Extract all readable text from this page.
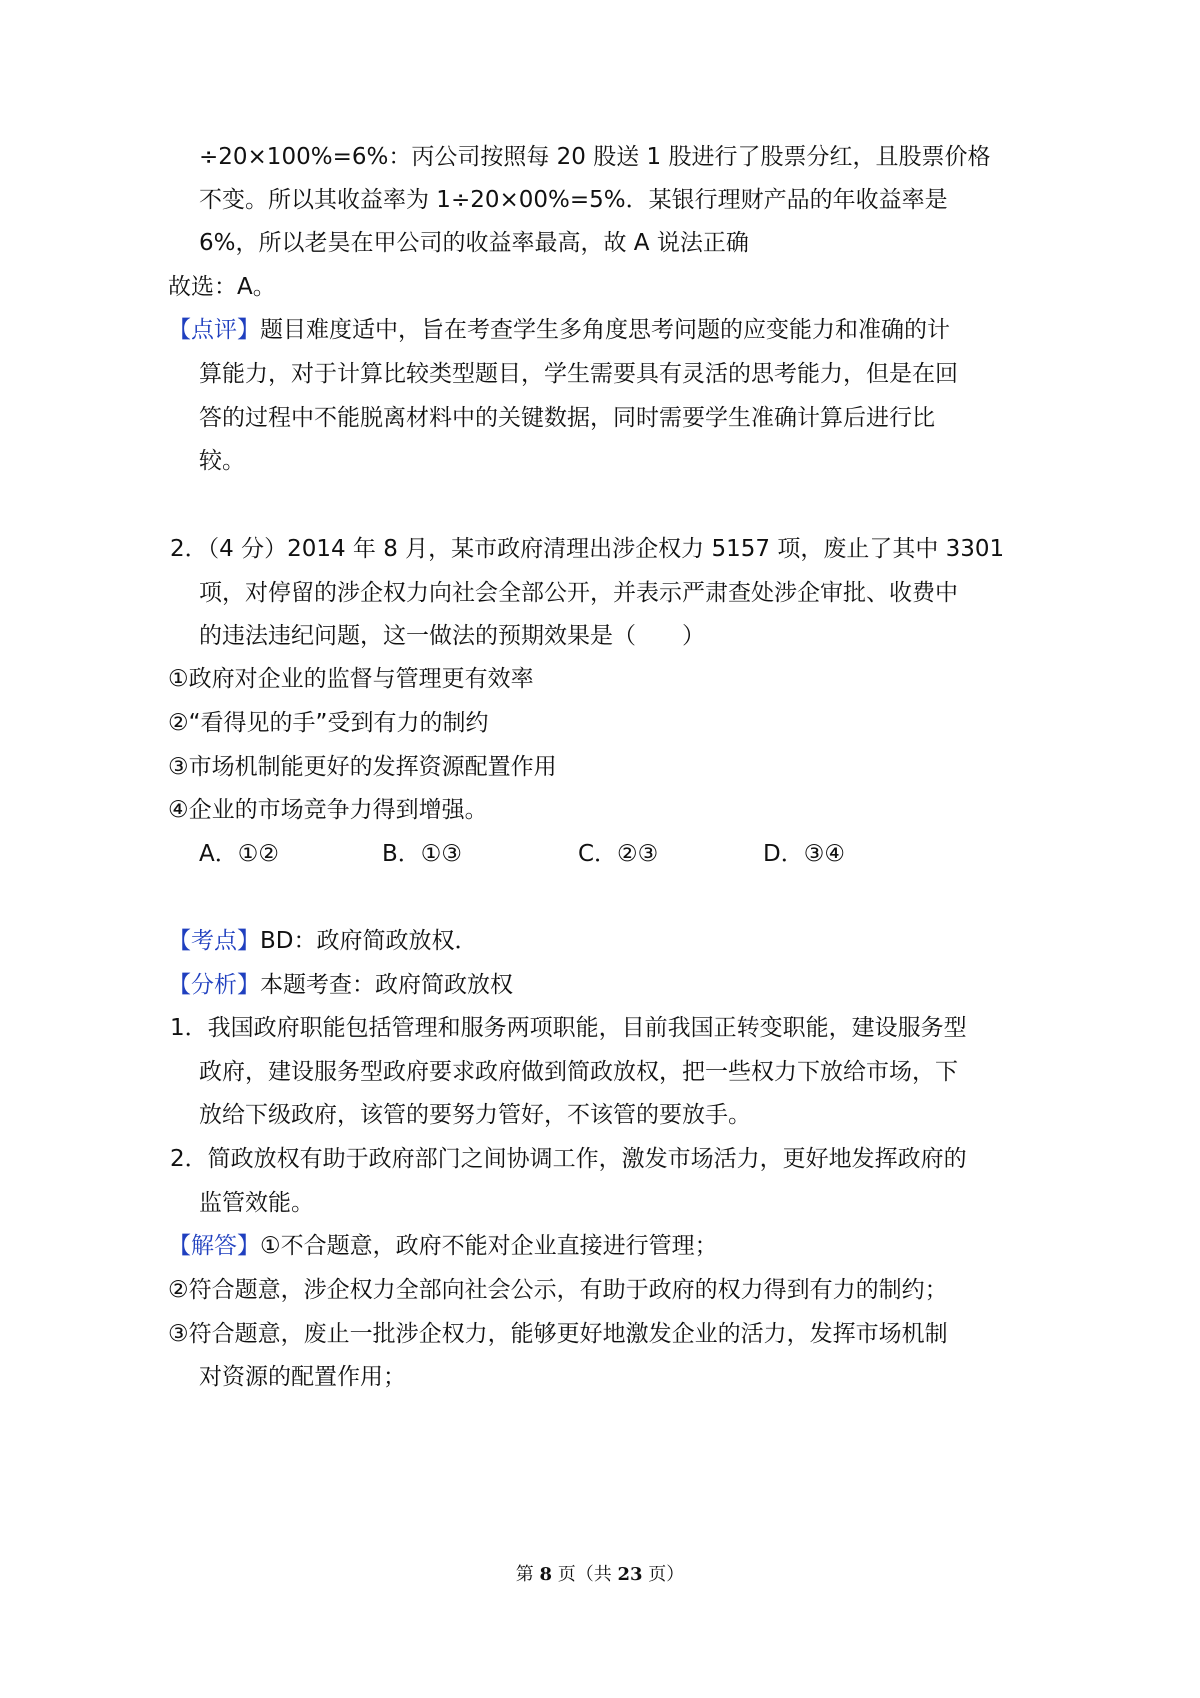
÷20×100%=6%：丙公司按照每 20 股送 1 股进行了股票分红，且股票价格
不变。所以其收益率为 1÷20×00%=5%．某银行理财产品的年收益率是
6%，所以老昊在甲公司的收益率最高，故 A 说法正确
故选：A。
【点评】题目难度适中，旨在考查学生多角度思考问题的应变能力和准确的计
算能力，对于计算比较类型题目，学生需要具有灵活的思考能力，但是在回
答的过程中不能脱离材料中的关键数据，同时需要学生准确计算后进行比
较。
2．（4 分）2014 年 8 月，某市政府清理出涉企权力 5157 项，废止了其中 3301
项，对停留的涉企权力向社会全部公开，并表示严肃查处涉企审批、收费中
的违法违纪问题，这一做法的预期效果是（　　）
①政府对企业的监督与管理更有效率
②“看得见的手”受到有力的制约
③市场机制能更好的发挥资源配置作用
④企业的市场竞争力得到增强。
A．①②	B．①③	C．②③	D．③④
【考点】BD：政府简政放权．
【分析】本题考查：政府简政放权
1．我国政府职能包括管理和服务两项职能，目前我国正转变职能，建设服务型
政府，建设服务型政府要求政府做到简政放权，把一些权力下放给市场，下
放给下级政府，该管的要努力管好，不该管的要放手。
2．简政放权有助于政府部门之间协调工作，激发市场活力，更好地发挥政府的
监管效能。
【解答】①不合题意，政府不能对企业直接进行管理；
②符合题意，涉企权力全部向社会公示，有助于政府的权力得到有力的制约；
③符合题意，废止一批涉企权力，能够更好地激发企业的活力，发挥市场机制
对资源的配置作用；
第 8 页（共 23 页）
